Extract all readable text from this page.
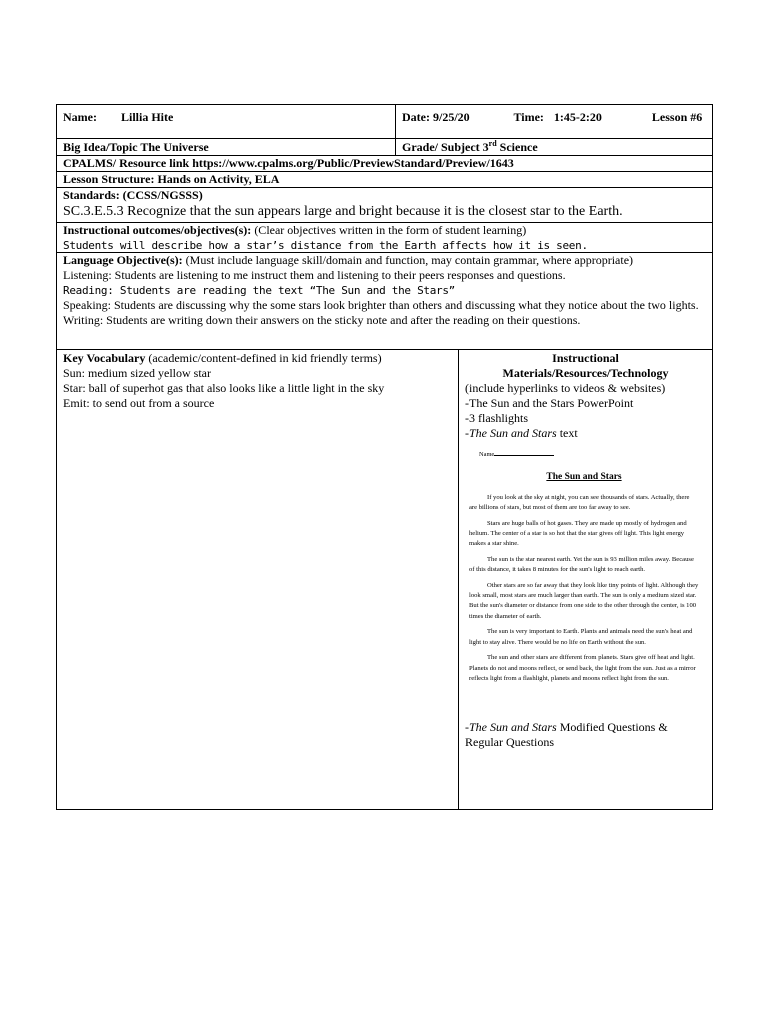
Name: Lillia Hite	Date: 9/25/20	Time: 1:45-2:20	Lesson #6
Big Idea/Topic The Universe	Grade/ Subject 3rd Science
CPALMS/ Resource link https://www.cpalms.org/Public/PreviewStandard/Preview/1643
Lesson Structure: Hands on Activity, ELA
Standards: (CCSS/NGSSS)
SC.3.E.5.3 Recognize that the sun appears large and bright because it is the closest star to the Earth.
Instructional outcomes/objectives(s): (Clear objectives written in the form of student learning)
Students will describe how a star’s distance from the Earth affects how it is seen.
Language Objective(s): (Must include language skill/domain and function, may contain grammar, where appropriate)
Listening: Students are listening to me instruct them and listening to their peers responses and questions.
Reading: Students are reading the text “The Sun and the Stars”
Speaking: Students are discussing why the some stars look brighter than others and discussing what they notice about the two lights.
Writing: Students are writing down their answers on the sticky note and after the reading on their questions.
Key Vocabulary (academic/content-defined in kid friendly terms)
Sun: medium sized yellow star
Star: ball of superhot gas that also looks like a little light in the sky
Emit: to send out from a source
Instructional
Materials/Resources/Technology
(include hyperlinks to videos & websites)
-The Sun and the Stars PowerPoint
-3 flashlights
-The Sun and Stars text
Name
The Sun and Stars

If you look at the sky at night, you can see thousands of stars. Actually, there are billions of stars, but most of them are too far away to see.

Stars are huge balls of hot gases. They are made up mostly of hydrogen and helium. The center of a star is so hot that the star gives off light. This light energy makes a star shine.

The sun is the star nearest earth. Yet the sun is 93 million miles away. Because of this distance, it takes 8 minutes for the sun's light to reach earth.

Other stars are so far away that they look like tiny points of light. Although they look small, most stars are much larger than earth. The sun is only a medium sized star. But the sun's diameter or distance from one side to the other through the center, is 100 times the diameter of earth.

The sun is very important to Earth. Plants and animals need the sun's heat and light to stay alive. There would be no life on Earth without the sun.

The sun and other stars are different from planets. Stars give off heat and light. Planets do not and moons reflect, or send back, the light from the sun. Just as a mirror reflects light from a flashlight, planets and moons reflect light from the sun.

-The Sun and Stars Modified Questions & Regular Questions
